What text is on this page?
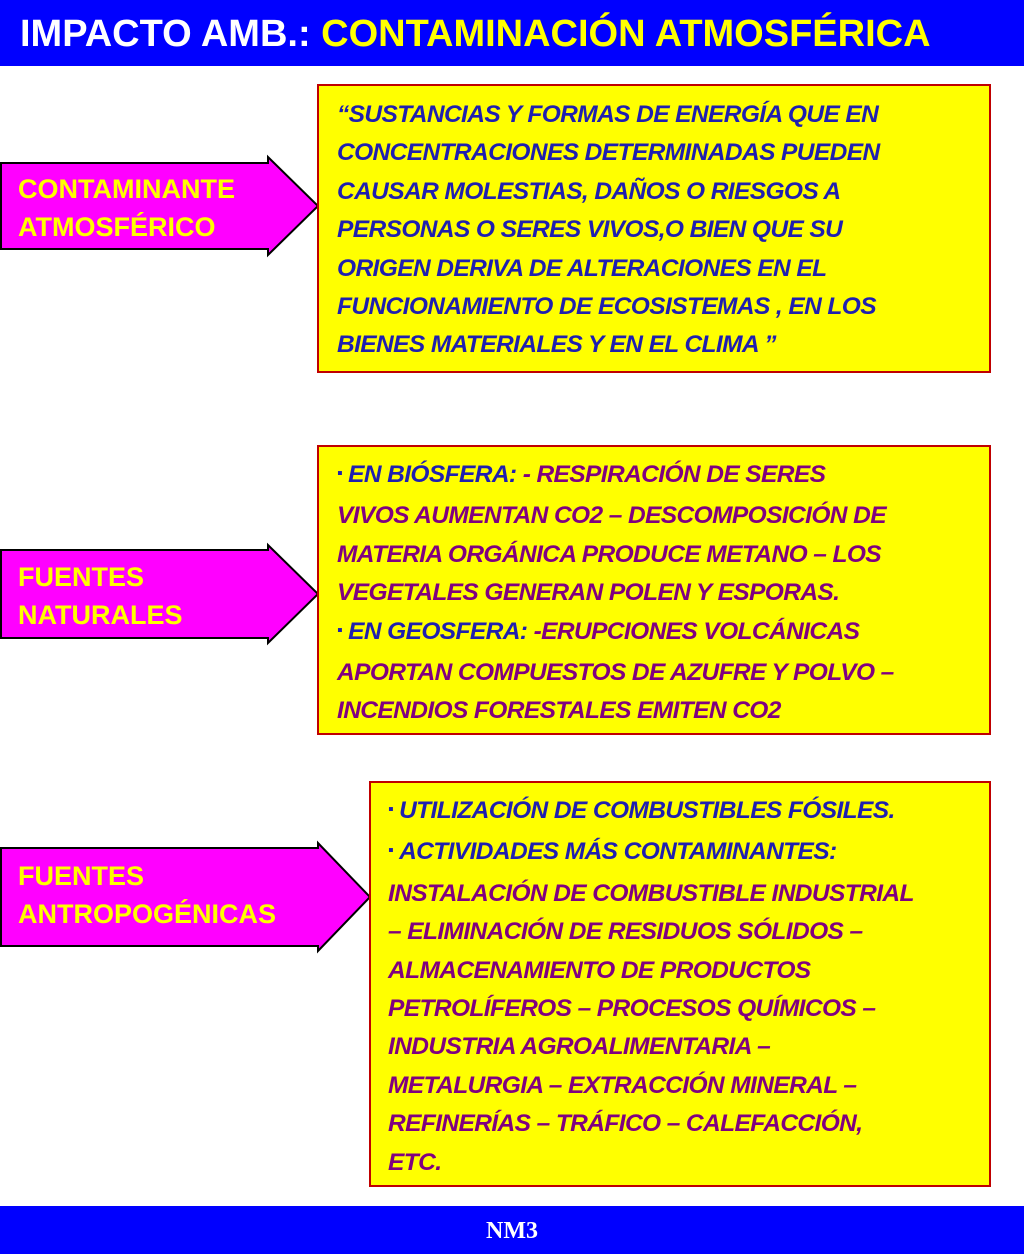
IMPACTO AMB.: CONTAMINACIÓN ATMOSFÉRICA
CONTAMINANTE
ATMOSFÉRICO
“SUSTANCIAS Y FORMAS DE ENERGÍA QUE EN
CONCENTRACIONES DETERMINADAS PUEDEN
CAUSAR MOLESTIAS, DAÑOS O RIESGOS A
PERSONAS O SERES VIVOS,O BIEN QUE SU
ORIGEN DERIVA DE ALTERACIONES EN EL
FUNCIONAMIENTO DE ECOSISTEMAS , EN LOS
BIENES MATERIALES Y EN EL CLIMA ”
FUENTES
NATURALES
▪ EN BIÓSFERA: - RESPIRACIÓN DE SERES
VIVOS AUMENTAN CO2 – DESCOMPOSICIÓN DE
MATERIA ORGÁNICA PRODUCE METANO – LOS
VEGETALES GENERAN POLEN Y ESPORAS.
▪ EN GEOSFERA: -ERUPCIONES VOLCÁNICAS
APORTAN COMPUESTOS DE AZUFRE Y POLVO –
INCENDIOS FORESTALES EMITEN CO2
FUENTES
ANTROPOGÉNICAS
▪ UTILIZACIÓN DE COMBUSTIBLES FÓSILES.
▪ ACTIVIDADES MÁS CONTAMINANTES:
INSTALACIÓN DE COMBUSTIBLE INDUSTRIAL
– ELIMINACIÓN DE RESIDUOS SÓLIDOS –
ALMACENAMIENTO DE PRODUCTOS
PETROLÍFEROS – PROCESOS QUÍMICOS –
INDUSTRIA AGROALIMENTARIA –
METALURGIA – EXTRACCIÓN MINERAL –
REFINERÍAS – TRÁFICO – CALEFACCIÓN,
ETC.
NM3
